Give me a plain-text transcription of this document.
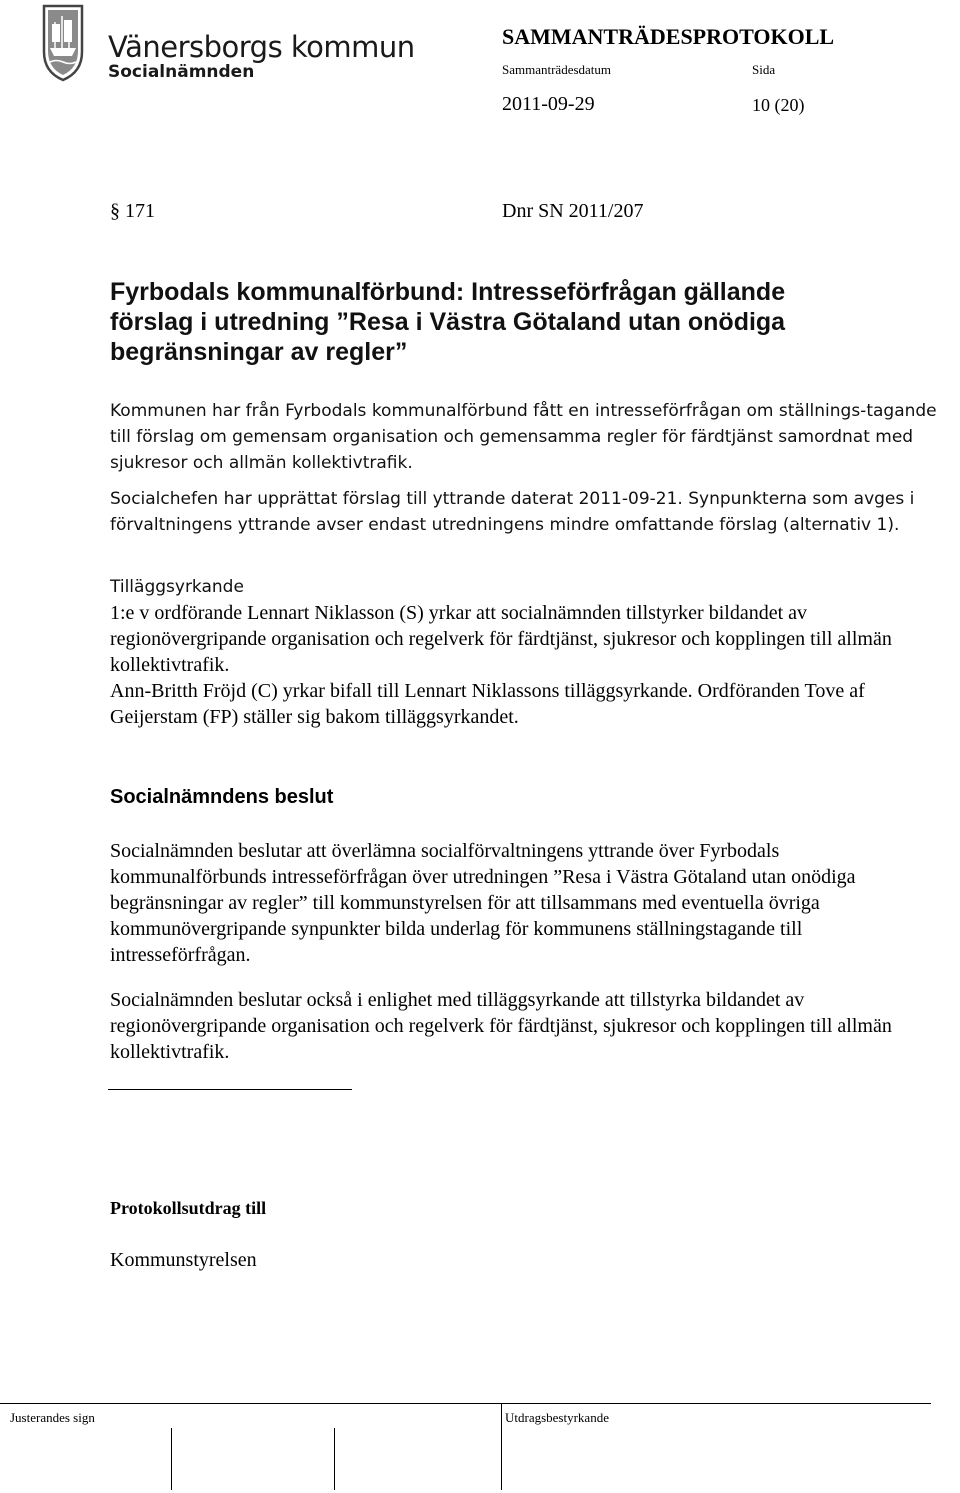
Vänersborgs kommun
Socialnämnden
SAMMANTRÄDESPROTOKOLL
Sammanträdesdatum	Sida
2011-09-29	10 (20)
§ 171	Dnr SN 2011/207
Fyrbodals kommunalförbund: Intresseförfrågan gällande förslag i utredning ”Resa i Västra Götaland utan onödiga begränsningar av regler”
Kommunen har från Fyrbodals kommunalförbund fått en intresseförfrågan om ställnings-tagande till förslag om gemensam organisation och gemensamma regler för färdtjänst samordnat med sjukresor och allmän kollektivtrafik.
Socialchefen har upprättat förslag till yttrande daterat 2011-09-21. Synpunkterna som avges i förvaltningens yttrande avser endast utredningens mindre omfattande förslag (alternativ 1).
Tilläggsyrkande
1:e v ordförande Lennart Niklasson (S) yrkar att socialnämnden tillstyrker bildandet av regionövergripande organisation och regelverk för färdtjänst, sjukresor och kopplingen till allmän kollektivtrafik.
Ann-Britth Fröjd (C) yrkar bifall till Lennart Niklassons tilläggsyrkande. Ordföranden Tove af Geijerstam (FP) ställer sig bakom tilläggsyrkandet.
Socialnämndens beslut
Socialnämnden beslutar att överlämna socialförvaltningens yttrande över Fyrbodals kommunalförbunds intresseförfrågan över utredningen ”Resa i Västra Götaland utan onödiga begränsningar av regler” till kommunstyrelsen för att tillsammans med eventuella övriga kommunövergripande synpunkter bilda underlag för kommunens ställningstagande till intresseförfrågan.
Socialnämnden beslutar också i enlighet med tilläggsyrkande att tillstyrka bildandet av regionövergripande organisation och regelverk för färdtjänst, sjukresor och kopplingen till allmän kollektivtrafik.
Protokollsutdrag till
Kommunstyrelsen
Justerandes sign	Utdragsbestyrkande
